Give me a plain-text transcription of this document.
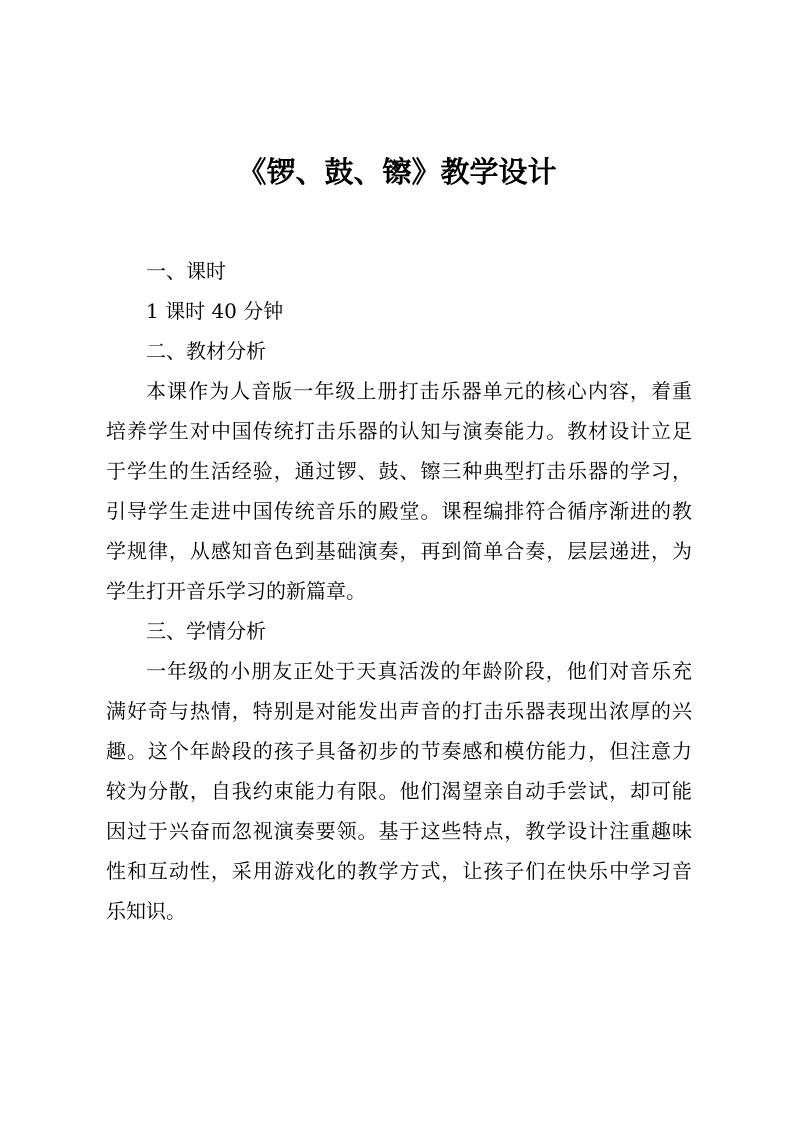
《锣、鼓、镲》教学设计

一、课时

1 课时 40 分钟

二、教材分析

本课作为人音版一年级上册打击乐器单元的核心内容，着重

培养学生对中国传统打击乐器的认知与演奏能力。教材设计立足

于学生的生活经验，通过锣、鼓、镲三种典型打击乐器的学习，

引导学生走进中国传统音乐的殿堂。课程编排符合循序渐进的教

学规律，从感知音色到基础演奏，再到简单合奏，层层递进，为

学生打开音乐学习的新篇章。

三、学情分析

一年级的小朋友正处于天真活泼的年龄阶段，他们对音乐充

满好奇与热情，特别是对能发出声音的打击乐器表现出浓厚的兴

趣。这个年龄段的孩子具备初步的节奏感和模仿能力，但注意力

较为分散，自我约束能力有限。他们渴望亲自动手尝试，却可能

因过于兴奋而忽视演奏要领。基于这些特点，教学设计注重趣味

性和互动性，采用游戏化的教学方式，让孩子们在快乐中学习音

乐知识。
